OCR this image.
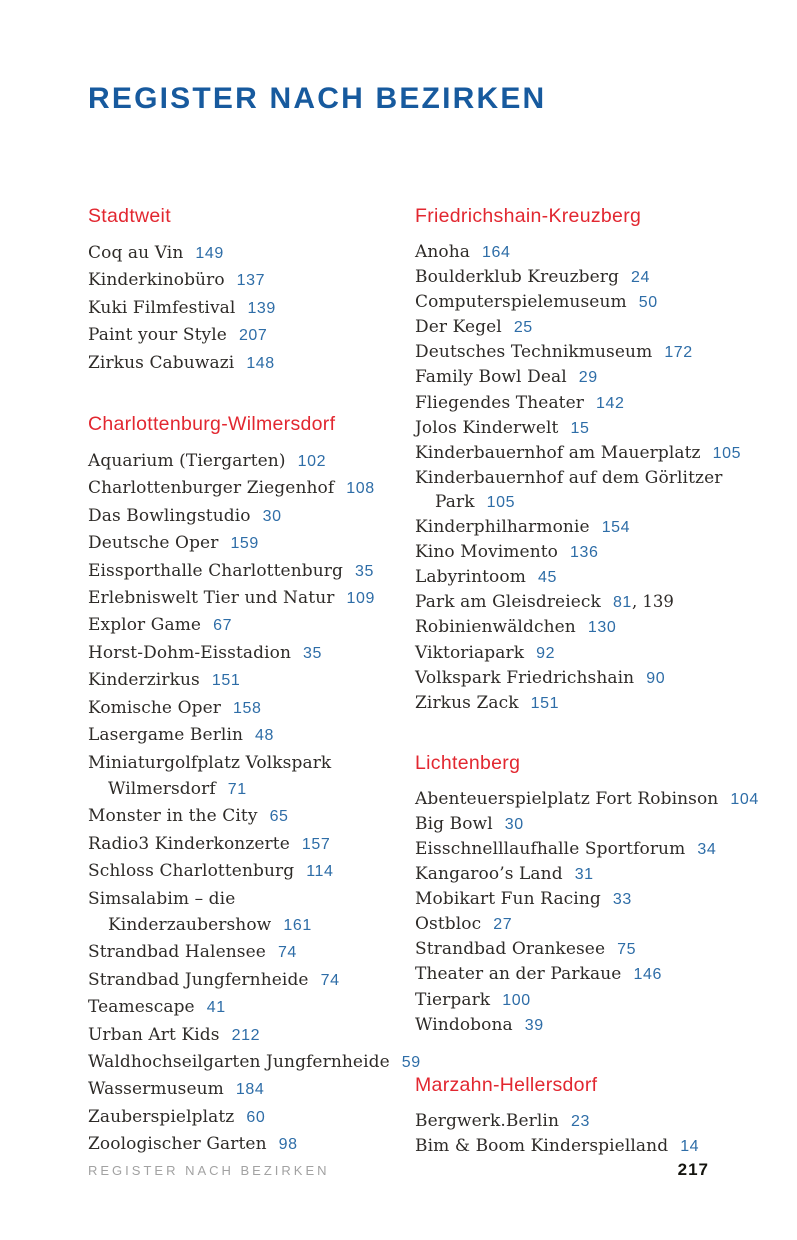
REGISTER NACH BEZIRKEN
Stadtweit
Coq au Vin 149
Kinderkinobüro 137
Kuki Filmfestival 139
Paint your Style 207
Zirkus Cabuwazi 148
Charlottenburg-Wilmersdorf
Aquarium (Tiergarten) 102
Charlottenburger Ziegenhof 108
Das Bowlingstudio 30
Deutsche Oper 159
Eissporthalle Charlottenburg 35
Erlebniswelt Tier und Natur 109
Explor Game 67
Horst-Dohm-Eisstadion 35
Kinderzirkus 151
Komische Oper 158
Lasergame Berlin 48
Miniaturgolfplatz Volkspark
Wilmersdorf 71
Monster in the City 65
Radio3 Kinderkonzerte 157
Schloss Charlottenburg 114
Simsalabim – die
Kinderzaubershow 161
Strandbad Halensee 74
Strandbad Jungfernheide 74
Teamescape 41
Urban Art Kids 212
Waldhochseilgarten Jungfernheide 59
Wassermuseum 184
Zauberspielplatz 60
Zoologischer Garten 98
Friedrichshain-Kreuzberg
Anoha 164
Boulderklub Kreuzberg 24
Computerspielemuseum 50
Der Kegel 25
Deutsches Technikmuseum 172
Family Bowl Deal 29
Fliegendes Theater 142
Jolos Kinderwelt 15
Kinderbauernhof am Mauerplatz 105
Kinderbauernhof auf dem Görlitzer
Park 105
Kinderphilharmonie 154
Kino Movimento 136
Labyrintoom 45
Park am Gleisdreieck 81, 139
Robinienwäldchen 130
Viktoriapark 92
Volkspark Friedrichshain 90
Zirkus Zack 151
Lichtenberg
Abenteuerspielplatz Fort Robinson 104
Big Bowl 30
Eisschnelllaufhalle Sportforum 34
Kangaroo’s Land 31
Mobikart Fun Racing 33
Ostbloc 27
Strandbad Orankesee 75
Theater an der Parkaue 146
Tierpark 100
Windobona 39
Marzahn-Hellersdorf
Bergwerk.Berlin 23
Bim & Boom Kinderspielland 14
REGISTER NACH BEZIRKEN	217
